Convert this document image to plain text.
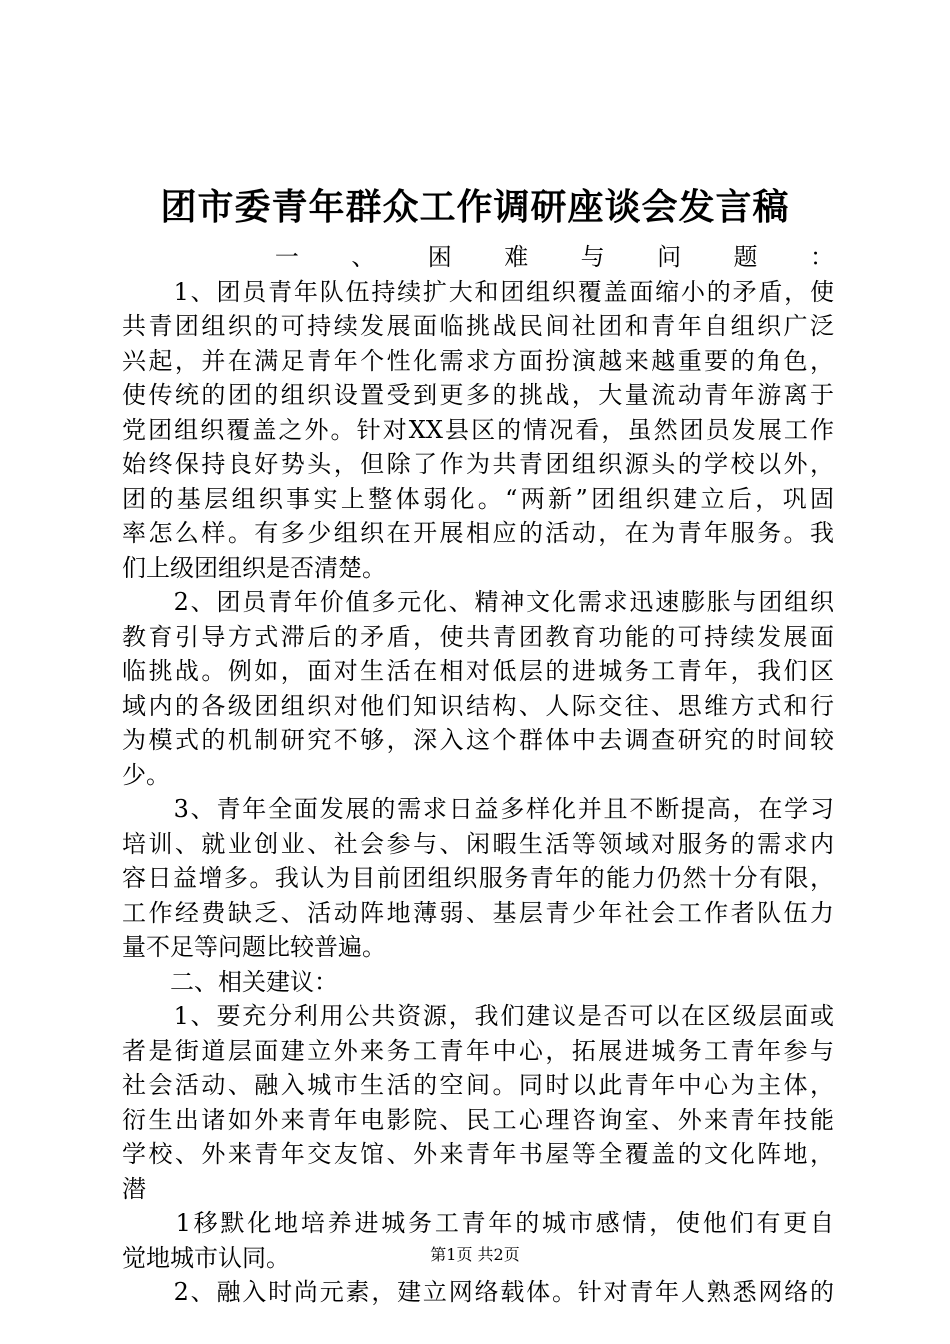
团市委青年群众工作调研座谈会发言稿
　　一、困难与问题：
　　1、团员青年队伍持续扩大和团组织覆盖面缩小的矛盾，使
共青团组织的可持续发展面临挑战民间社团和青年自组织广泛
兴起，并在满足青年个性化需求方面扮演越来越重要的角色，
使传统的团的组织设置受到更多的挑战，大量流动青年游离于
党团组织覆盖之外。针对XX县区的情况看，虽然团员发展工作
始终保持良好势头，但除了作为共青团组织源头的学校以外，
团的基层组织事实上整体弱化。“两新”团组织建立后，巩固
率怎么样。有多少组织在开展相应的活动，在为青年服务。我
们上级团组织是否清楚。
　　2、团员青年价值多元化、精神文化需求迅速膨胀与团组织
教育引导方式滞后的矛盾，使共青团教育功能的可持续发展面
临挑战。例如，面对生活在相对低层的进城务工青年，我们区
域内的各级团组织对他们知识结构、人际交往、思维方式和行
为模式的机制研究不够，深入这个群体中去调查研究的时间较
少。
　　3、青年全面发展的需求日益多样化并且不断提高，在学习
培训、就业创业、社会参与、闲暇生活等领域对服务的需求内
容日益增多。我认为目前团组织服务青年的能力仍然十分有限，
工作经费缺乏、活动阵地薄弱、基层青少年社会工作者队伍力
量不足等问题比较普遍。
　　二、相关建议：
　　1、要充分利用公共资源，我们建议是否可以在区级层面或
者是街道层面建立外来务工青年中心，拓展进城务工青年参与
社会活动、融入城市生活的空间。同时以此青年中心为主体，
衍生出诸如外来青年电影院、民工心理咨询室、外来青年技能
学校、外来青年交友馆、外来青年书屋等全覆盖的文化阵地，
潜
　　1移默化地培养进城务工青年的城市感情，使他们有更自
觉地城市认同。
　　2、融入时尚元素，建立网络载体。针对青年人熟悉网络的
第1页 共2页
